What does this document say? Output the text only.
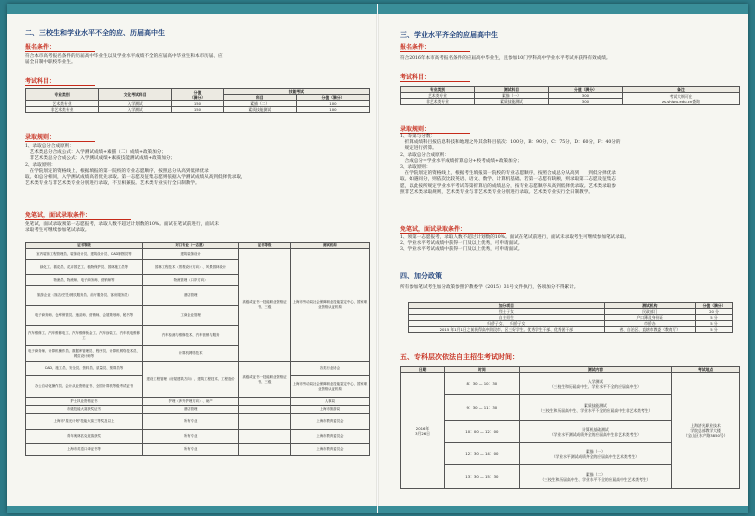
二、三校生和学业水平不全的应、历届高中生
报名条件：
符合本市高考报名条件的历届高中毕业生以及学业水平成绩不全的应届高中毕业生和本市历届、应
届全日制中职校毕业生。
考试科目：
专业类别	文化考试科目	分值
（满分）	技能考试	
			科目	分值（满分）
艺术类专业	入学测试	150	素描（二）	100
非艺术类专业	入学测试	150	素质技能测试	100
录取规则：
1、录取总分合成原则：
　艺术类总分合成公式：入学测试成绩+素描（二）成绩+政策加分；
　非艺术类总分合成公式：入学测试成绩+素质技能测试成绩+政策加分；
2、录取原则：
　在学院划定的资格线上，根据填报的第一院校的专业志愿顺序，按照总分从高到低择优录
取。如总分相同，入学测试成绩高者优先录取。第一志愿及征集志愿则依据入学测试成绩从高到低择优录取，
艺术类专业与非艺术类专业分别进行录取，不互相兼报。艺术类专业实行全日制教学。
免笔试，面试录取条件：
免笔试，面试录取须第一志愿报考，录取人数不超过计划数的10%。面试在笔试前进行，面试未
录取考生可继续参加笔试录取。
证书等级	对口专业（一志愿）	证书等级	测试机构
室内装饰工程管理员、装饰设计员、建筑设计员、CAD制图员等	建筑装饰设计	高级或证书一技能职业资格证书、三级	上海市劳动局社会保障职业技能鉴定中心、国家职业资格认证机构
绿化工、插花员、花卉园艺工、植物保护员、园林施工员等	园林工程技术（景观设计方向）、风景园林设计		
物流员、物流师、电子商务师、营销师等	物流管理（口岸方向）		
旅游企业（饭店/烹饪/餐饮服务员、前厅服务员、客房服务员）	酒店管理		
电子商务师、仓库保管员、速录师、营销师、会展策划师、秘书等	工商企业管理		
汽车维修工、汽车维修电工、汽车维修钣金工、汽车涂装工、汽车机电维修工	汽车检测与维修技术、汽车营销与服务		
电子商务师、计算机操作员、数据库管理员、程序员、计算机网络技术员、网页设计师等	计算机网络技术		
CAD、施工员、安全员、资料员、质量员、预算员等	建设工程管理（房屋建筑方向）、建筑工程技术、工程造价	高级或证书一技能职业资格证书、三级	各类行业协会
办公自动化操作员、会计从业资格证书、全国计算机等级考试证书			上海市劳动局社会保障职业技能鉴定中心、国家职业资格认证机构
护士执业资格证书	护理（涉外护理方向）、助产		人事局
市级技能大赛获奖证书	酒店管理		上海市旅游局
上海市"星光计划"技能大赛三等奖及以上	所有专业		上海市教育委员会
青年奥林匹克竞赛获奖	所有专业		上海市教育委员会
上海市英语口译证书等	所有专业		上海市教育委员会
三、学业水平齐全的应届高中生
报名条件：
符合2016年本市高考报名条件的应届高中毕业生，且参加10门学科高中学业水平考试并获得有效成绩。
考试科目：
专业类别	测试科目	分值（满分）	备注
艺术类专业	素描（一）	300	考试大纲可在
zs.shiwu.edu.cn查询
非艺术类专业	素质技能测试	300	
录取规则：
1、等第与分数：
　折算成绩科目按信息科技和地理之外其余科目依次：100分，B：90分，C：75分，D：60分，F：40分的
　规定进行折算。
2、录取总分合成原则：
　合成总分=学业水平成绩折算总分+校考成绩+政策加分；
3、录取原则：
　在学院划定的资格线上，根据考生填报第一院校的专业志愿顺序，按照合成总分从高到　　到低分择优录
取。如遇同分，则依次比较英语、语文、数学、计算机基础。若第一志愿有缺额，则录取第二志愿及征集志
愿，以此按所规定学业水平考试等第折算后的成绩总分，按专业志愿顺序从高到低择优录取。艺术类录取参
照非艺术类录取规则，艺术类专业与非艺术类专业分别进行录取。艺术类专业实行全日制教学。
免笔试，面试录取条件：
1、须第一志愿报考，录取人数不超过计划数的10%。面试在笔试前进行，面试未录取考生可继续参加笔试录取。
2、学业水平考试成绩中获得一门及以上优秀，可申请面试。
3、学业水平考试成绩中获得一门及以上优秀，可申请面试。
四、加分政策
所有参加笔试考生加分政策参照沪教委学（2015）31号文件执行，各项加分不得累计。
加分项目	测试机构	分值（满分）
烈士子女	民政部门	20 分
自主招生	户口簿及身份证	5 分
归侨子女、　归侨子女	市侨办	5 分
2015 年1月1日之前获得高中阶段市、区三好学生、优秀学生干部、优秀团干部	省、自治区、直辖市教委（教育厅）	5 分
五、专科层次依法自主招生考试时间：
日期	时间	测试内容	考试地点
2016年
3月26日	8：30 — 10：30	入学测试
（三校生和历届高中生、学业水平不全的应届高中生）	上海济光职业技术
学院总部教学大楼
（宝山区水产路3850号）
	9：30 — 11：30	素质技能测试
（三校生和历届高中生、学业水平不全的应届高中生非艺术类考生）	
	10：00 — 12：00	计算机基础测试
（学业水平测试成绩齐全的应届高中生非艺术类考生）	
	12：30 — 14：00	素描（一）
（学业水平测试成绩齐全的应届高中生艺术类考生）	
	13：30 — 15：30	素描（二）
（三校生和历届高中生、学业水平不全的应届高中生艺术类考生）	
